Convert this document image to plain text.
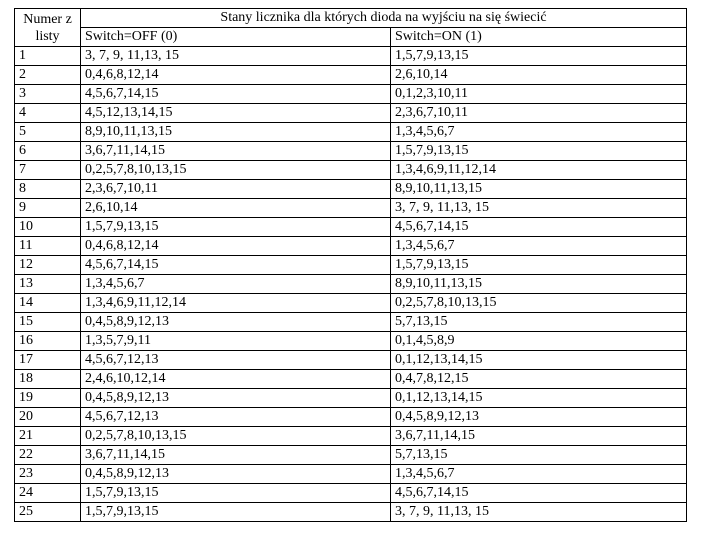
Numer z
listy	Stany licznika dla których dioda na wyjściu na się świecić	
	Switch=OFF (0)	Switch=ON (1)
1	3, 7, 9, 11,13, 15	1,5,7,9,13,15
2	0,4,6,8,12,14	2,6,10,14
3	4,5,6,7,14,15	0,1,2,3,10,11
4	4,5,12,13,14,15	2,3,6,7,10,11
5	8,9,10,11,13,15	1,3,4,5,6,7
6	3,6,7,11,14,15	1,5,7,9,13,15
7	0,2,5,7,8,10,13,15	1,3,4,6,9,11,12,14
8	2,3,6,7,10,11	8,9,10,11,13,15
9	2,6,10,14	3, 7, 9, 11,13, 15
10	1,5,7,9,13,15	4,5,6,7,14,15
11	0,4,6,8,12,14	1,3,4,5,6,7
12	4,5,6,7,14,15	1,5,7,9,13,15
13	1,3,4,5,6,7	8,9,10,11,13,15
14	1,3,4,6,9,11,12,14	0,2,5,7,8,10,13,15
15	0,4,5,8,9,12,13	5,7,13,15
16	1,3,5,7,9,11	0,1,4,5,8,9
17	4,5,6,7,12,13	0,1,12,13,14,15
18	2,4,6,10,12,14	0,4,7,8,12,15
19	0,4,5,8,9,12,13	0,1,12,13,14,15
20	4,5,6,7,12,13	0,4,5,8,9,12,13
21	0,2,5,7,8,10,13,15	3,6,7,11,14,15
22	3,6,7,11,14,15	5,7,13,15
23	0,4,5,8,9,12,13	1,3,4,5,6,7
24	1,5,7,9,13,15	4,5,6,7,14,15
25	1,5,7,9,13,15	3, 7, 9, 11,13, 15
